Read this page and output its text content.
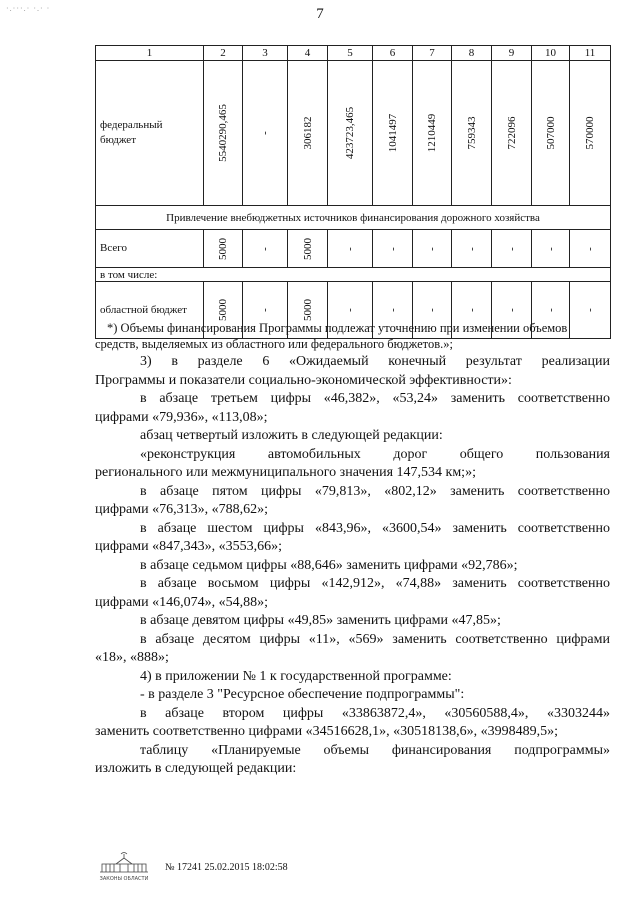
·.···.· ·.· ·	7
1	2	3	4	5	6	7	8	9	10	11
федеральный бюджет	5540290,465	-	306182	423723,465	1041497	1210449	759343	722096	507000	570000

Привлечение внебюджетных источников финансирования дорожного хозяйства										
Всего	5000	-	5000	-	-	-	-	-	-	-

в том числе:										
областной бюджет	5000	-	5000	-	-	-	-	-	-	-
*) Объемы финансирования Программы подлежат уточнению при изменении объемов
средств, выделяемых из областного или федерального бюджетов.»;
3) в разделе 6 «Ожидаемый конечный результат реализации
Программы и показатели социально-экономической эффективности»:
в абзаце третьем цифры «46,382», «53,24» заменить соответственно
цифрами «79,936», «113,08»;
абзац четвертый изложить в следующей редакции:
«реконструкция автомобильных дорог общего пользования
регионального или межмуниципального значения 147,534 км;»;
в абзаце пятом цифры «79,813», «802,12» заменить соответственно
цифрами «76,313», «788,62»;
в абзаце шестом цифры «843,96», «3600,54» заменить соответственно
цифрами «847,343», «3553,66»;
в абзаце седьмом цифры «88,646» заменить цифрами «92,786»;
в абзаце восьмом цифры «142,912», «74,88» заменить соответственно
цифрами «146,074», «54,88»;
в абзаце девятом цифры «49,85» заменить цифрами «47,85»;
в абзаце десятом цифры «11», «569» заменить соответственно цифрами
«18», «888»;
4) в приложении № 1 к государственной программе:
- в разделе 3 "Ресурсное обеспечение подпрограммы":
в абзаце втором цифры «33863872,4», «30560588,4», «3303244»
заменить соответственно цифрами «34516628,1», «30518138,6», «3998489,5»;
таблицу «Планируемые объемы финансирования подпрограммы»
изложить в следующей редакции:
ЗАКОНЫ ОБЛАСТИ
№ 17241 25.02.2015 18:02:58
